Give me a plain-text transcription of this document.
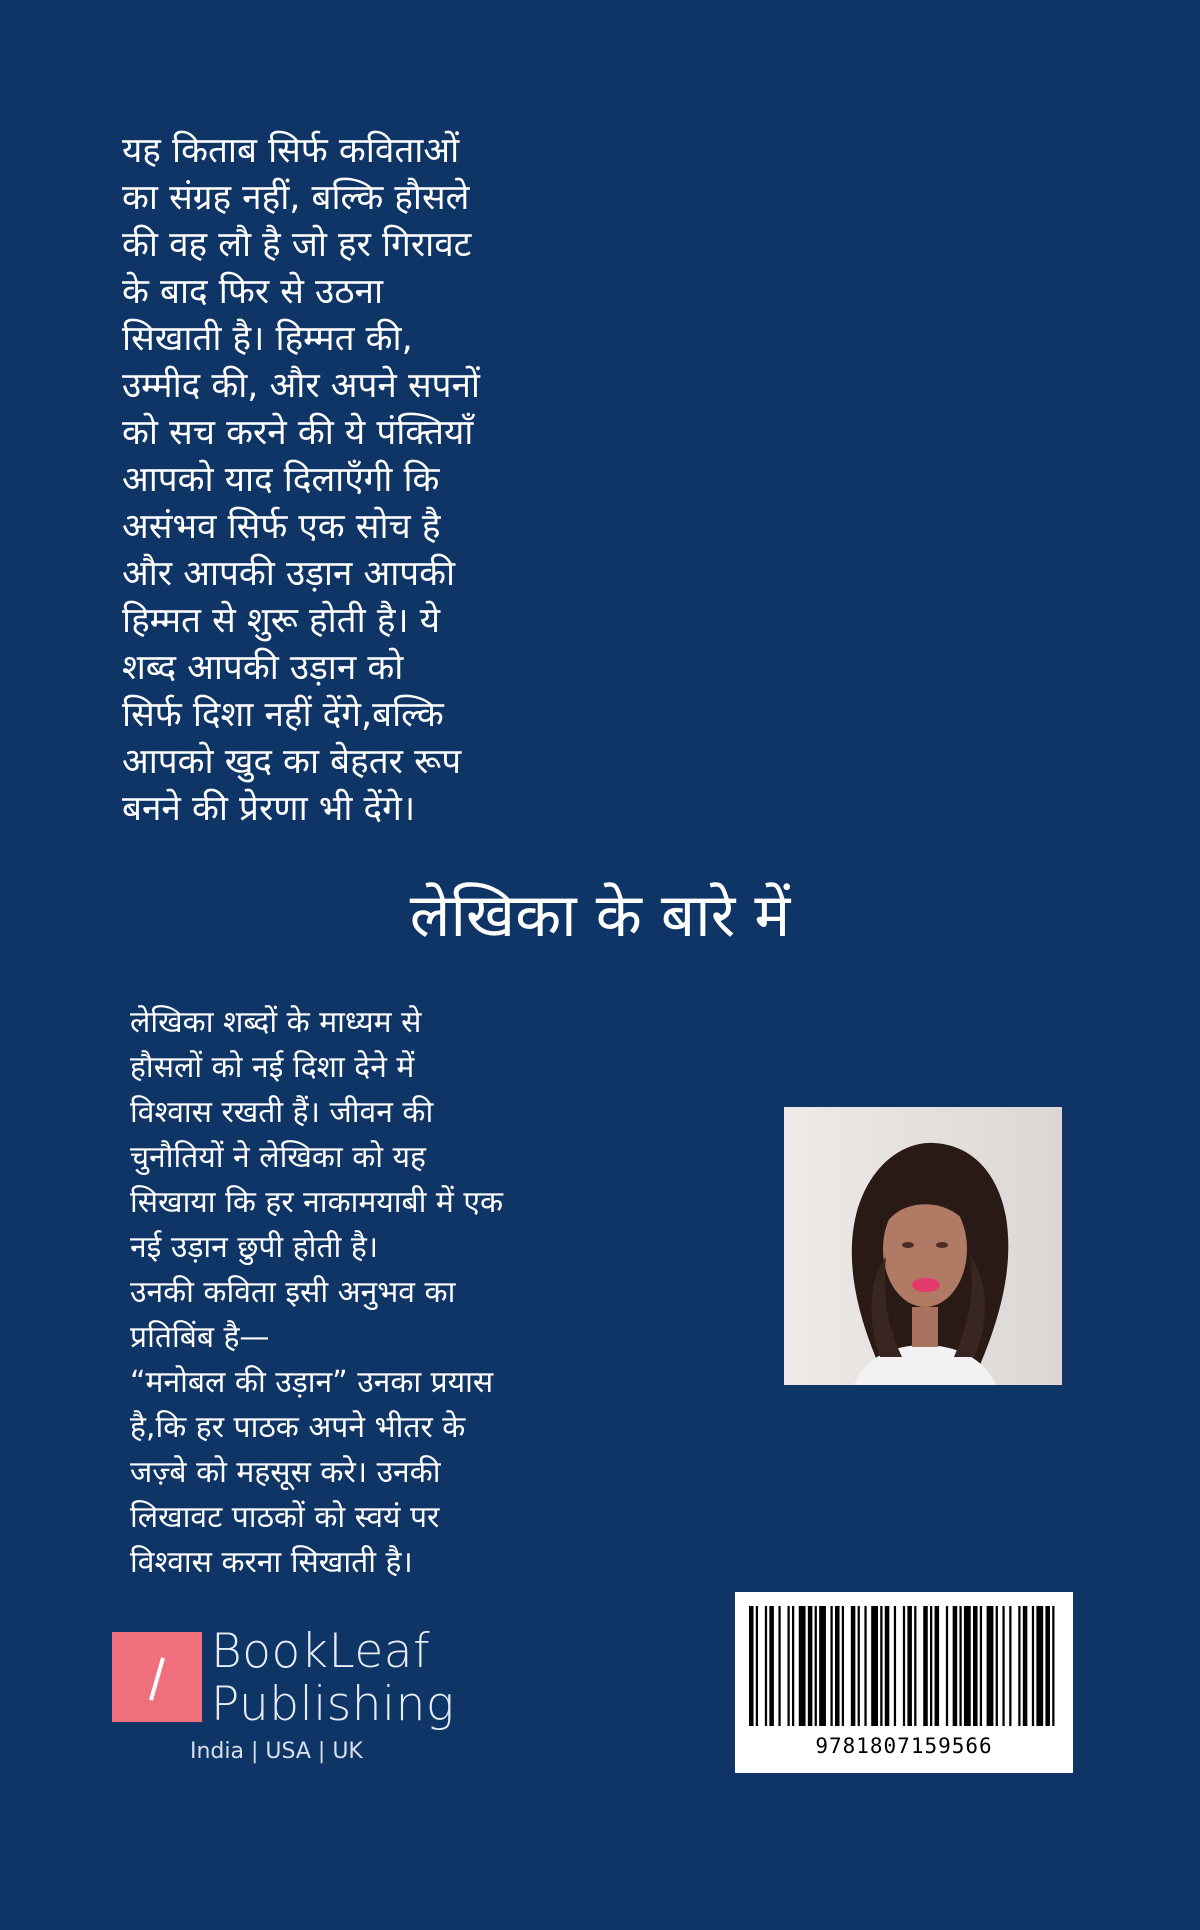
यह किताब सिर्फ कविताओं
का संग्रह नहीं, बल्कि हौसले
की वह लौ है जो हर गिरावट
के बाद फिर से उठना
सिखाती है। हिम्मत की,
उम्मीद की, और अपने सपनों
को सच करने की ये पंक्तियाँ
आपको याद दिलाएँगी कि
असंभव सिर्फ एक सोच है
और आपकी उड़ान आपकी
हिम्मत से शुरू होती है। ये
शब्द आपकी उड़ान को
सिर्फ दिशा नहीं देंगे,बल्कि
आपको खुद का बेहतर रूप
बनने की प्रेरणा भी देंगे।
लेखिका के बारे में
लेखिका शब्दों के माध्यम से
हौसलों को नई दिशा देने में
विश्वास रखती हैं। जीवन की
चुनौतियों ने लेखिका को यह
सिखाया कि हर नाकामयाबी में एक
नई उड़ान छुपी होती है।
उनकी कविता इसी अनुभव का
प्रतिबिंब है—
“मनोबल की उड़ान” उनका प्रयास
है,कि हर पाठक अपने भीतर के
जज़्बे को महसूस करे। उनकी
लिखावट पाठकों को स्वयं पर
विश्वास करना सिखाती है।
9781807159566
BookLeaf
Publishing
India | USA | UK
